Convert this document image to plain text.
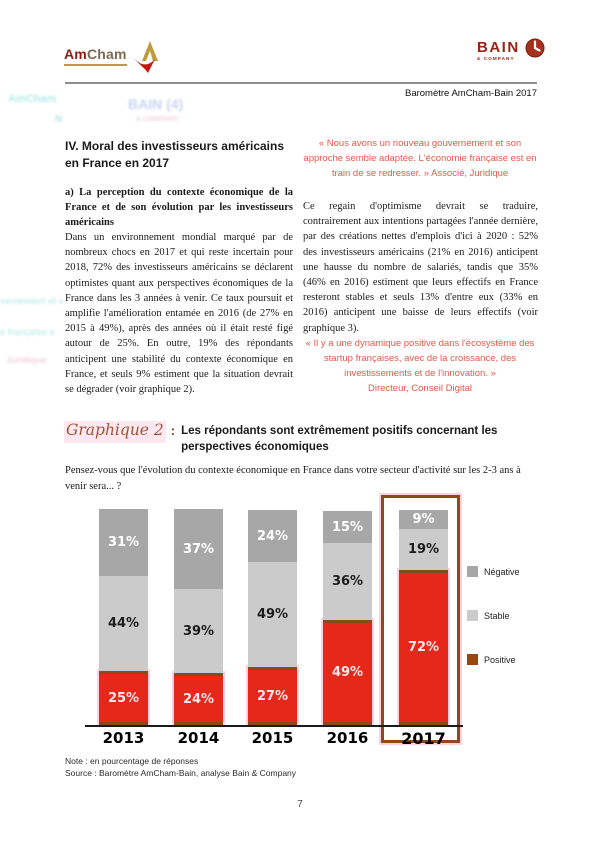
AmCham	BAIN
& COMPANY
Baromètre AmCham-Bain 2017
IV. Moral des investisseurs américains en France en 2017
a) La perception du contexte économique de la France et de son évolution par les investisseurs américains

Dans un environnement mondial marqué par de nombreux chocs en 2017 et qui reste incertain pour 2018, 72% des investisseurs américains se déclarent optimistes quant aux perspectives économiques de la France dans les 3 années à venir. Ce taux poursuit et amplifie l'amélioration entamée en 2016 (de 27% en 2015 à 49%), après des années où il était resté figé autour de 25%. En outre, 19% des répondants anticipent une stabilité du contexte économique en France, et seuls 9% estiment que la situation devrait se dégrader (voir graphique 2).

« Nous avons un nouveau gouvernement et son approche semble adaptée. L'économie française est en train de se redresser. » Associé, Juridique

Ce regain d'optimisme devrait se traduire, contrairement aux intentions partagées l'année dernière, par des créations nettes d'emplois d'ici à 2020 : 52% des investisseurs américains (21% en 2016) anticipent une hausse du nombre de salariés, tandis que 35% (46% en 2016) estiment que leurs effectifs en France resteront stables et seuls 13% d'entre eux (33% en 2016) anticipent une baisse de leurs effectifs (voir graphique 3).

« Il y a une dynamique positive dans l'écosystème des startup françaises, avec de la croissance, des investissements et de l'innovation. »
Directeur, Conseil Digital
Graphique 2 : Les répondants sont extrêmement positifs concernant les perspectives économiques
Pensez-vous que l'évolution du contexte économique en France dans votre secteur d'activité sur les 2-3 ans à venir sera... ?
25%
44%
31%
2013
24%
39%
37%
2014
27%
49%
24%
2015
49%
36%
15%
2016
72%
19%
9%
2017
Négative
Stable
Positive
Note : en pourcentage de réponses
Source : Baromètre AmCham-Bain, analyse Bain & Company
7
AmCham
N
BAIN (4)
& COMPANY
vernement et s
e française e
Juridique
